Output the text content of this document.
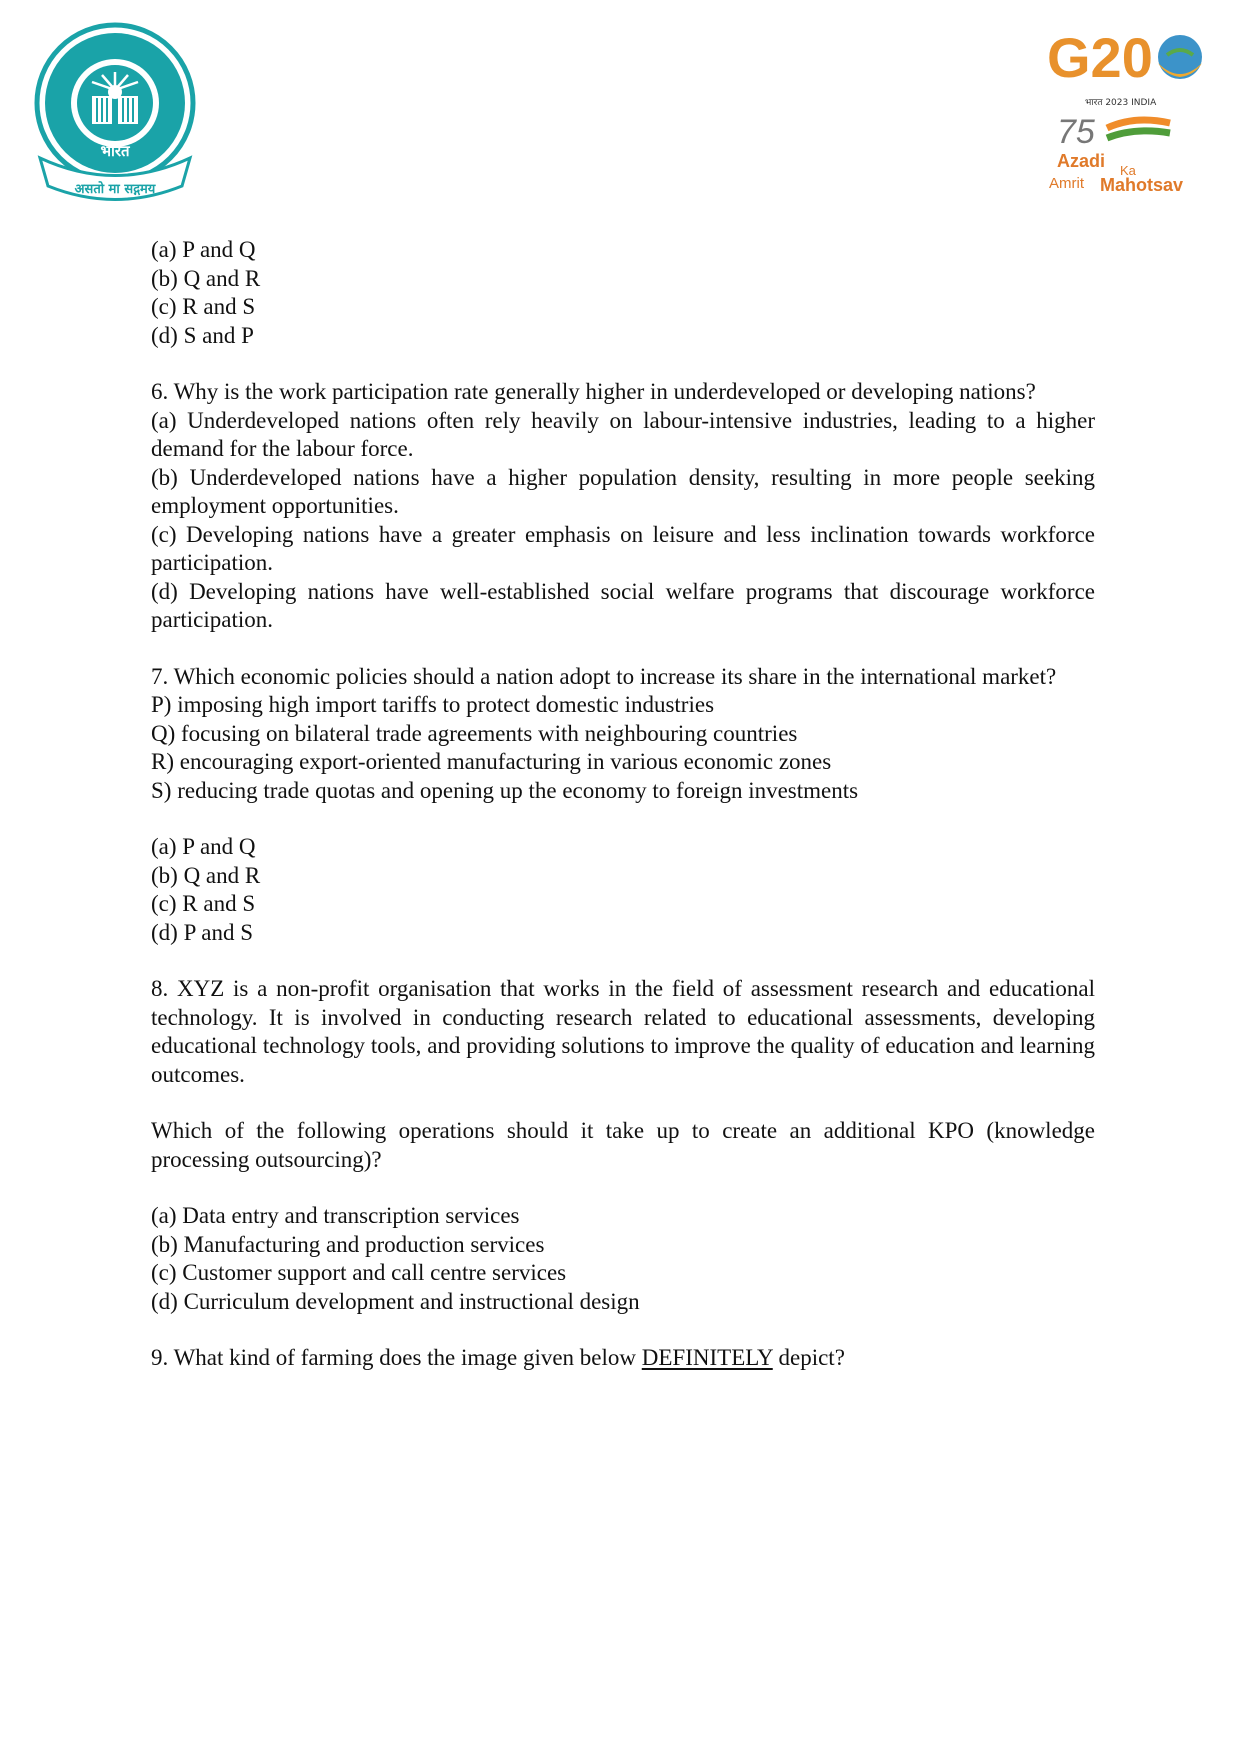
भारत
असतो मा सद्गमय
G20
भारत 2023 INDIA
75
Azadi Ka
Amrit Mahotsav
(a) P and Q
(b) Q and R
(c) R and S
(d) S and P

6. Why is the work participation rate generally higher in underdeveloped or developing nations?

(a) Underdeveloped nations often rely heavily on labour-intensive industries, leading to a higher demand for the labour force.

(b) Underdeveloped nations have a higher population density, resulting in more people seeking employment opportunities.

(c) Developing nations have a greater emphasis on leisure and less inclination towards workforce participation.

(d) Developing nations have well-established social welfare programs that discourage workforce participation.

7. Which economic policies should a nation adopt to increase its share in the international market?

P) imposing high import tariffs to protect domestic industries
Q) focusing on bilateral trade agreements with neighbouring countries
R) encouraging export-oriented manufacturing in various economic zones
S) reducing trade quotas and opening up the economy to foreign investments
(a) P and Q
(b) Q and R
(c) R and S
(d) P and S

8. XYZ is a non-profit organisation that works in the field of assessment research and educational technology. It is involved in conducting research related to educational assessments, developing educational technology tools, and providing solutions to improve the quality of education and learning outcomes.

Which of the following operations should it take up to create an additional KPO (knowledge processing outsourcing)?

(a) Data entry and transcription services
(b) Manufacturing and production services
(c) Customer support and call centre services
(d) Curriculum development and instructional design

9. What kind of farming does the image given below DEFINITELY depict?
